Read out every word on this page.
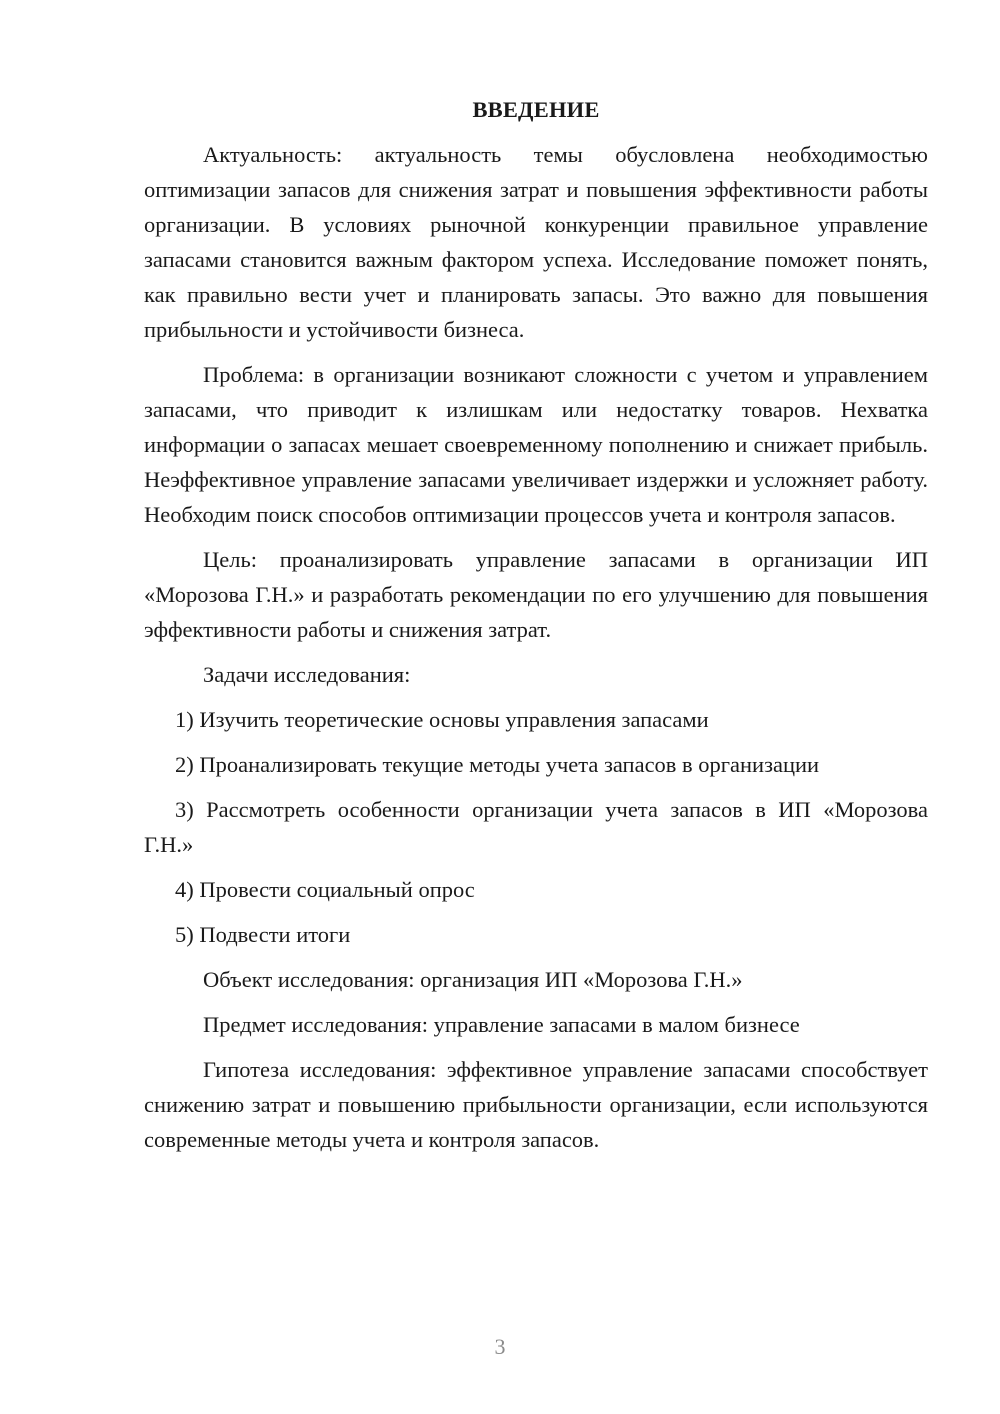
ВВЕДЕНИЕ

Актуальность: актуальность темы обусловлена необходимостью оптимизации запасов для снижения затрат и повышения эффективности работы организации. В условиях рыночной конкуренции правильное управление запасами становится важным фактором успеха. Исследование поможет понять, как правильно вести учет и планировать запасы. Это важно для повышения прибыльности и устойчивости бизнеса.

Проблема: в организации возникают сложности с учетом и управлением запасами, что приводит к излишкам или недостатку товаров. Нехватка информации о запасах мешает своевременному пополнению и снижает прибыль. Неэффективное управление запасами увеличивает издержки и усложняет работу. Необходим поиск способов оптимизации процессов учета и контроля запасов.

Цель: проанализировать управление запасами в организации ИП «Морозова Г.Н.» и разработать рекомендации по его улучшению для повышения эффективности работы и снижения затрат.

Задачи исследования:

1) Изучить теоретические основы управления запасами

2) Проанализировать текущие методы учета запасов в организации

3) Рассмотреть особенности организации учета запасов в ИП «Морозова Г.Н.»

4) Провести социальный опрос

5) Подвести итоги

Объект исследования: организация ИП «Морозова Г.Н.»

Предмет исследования: управление запасами в малом бизнесе

Гипотеза исследования: эффективное управление запасами способствует снижению затрат и повышению прибыльности организации, если используются современные методы учета и контроля запасов.

3
